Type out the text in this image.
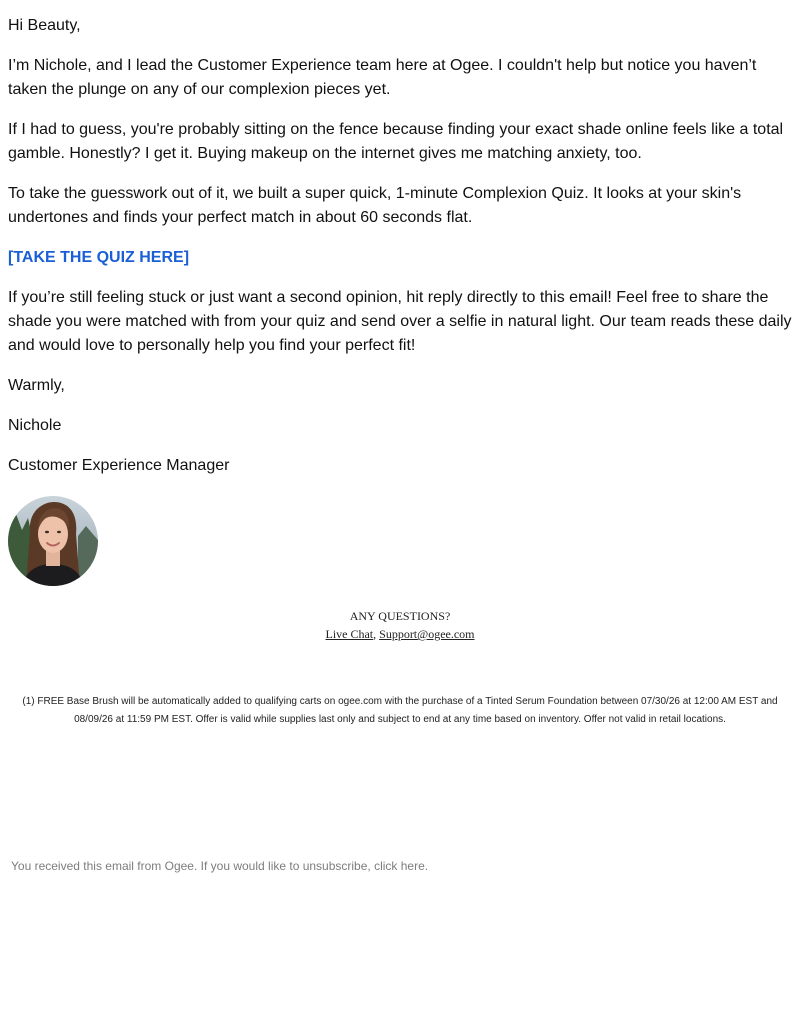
Hi Beauty,

I’m Nichole, and I lead the Customer Experience team here at Ogee. I couldn't help but notice you haven’t taken the plunge on any of our complexion pieces yet.

If I had to guess, you're probably sitting on the fence because finding your exact shade online feels like a total gamble. Honestly? I get it. Buying makeup on the internet gives me matching anxiety, too.

To take the guesswork out of it, we built a super quick, 1-minute Complexion Quiz. It looks at your skin's undertones and finds your perfect match in about 60 seconds flat.

[TAKE THE QUIZ HERE]

If you’re still feeling stuck or just want a second opinion, hit reply directly to this email! Feel free to share the shade you were matched with from your quiz and send over a selfie in natural light. Our team reads these daily and would love to personally help you find your perfect fit!

Warmly,

Nichole

Customer Experience Manager

ANY QUESTIONS?
Live Chat, Support@ogee.com

(1) FREE Base Brush will be automatically added to qualifying carts on ogee.com with the purchase of a Tinted Serum Foundation between 07/30/26 at 12:00 AM EST and 08/09/26 at 11:59 PM EST. Offer is valid while supplies last only and subject to end at any time based on inventory. Offer not valid in retail locations.

You received this email from Ogee. If you would like to unsubscribe, click here.
